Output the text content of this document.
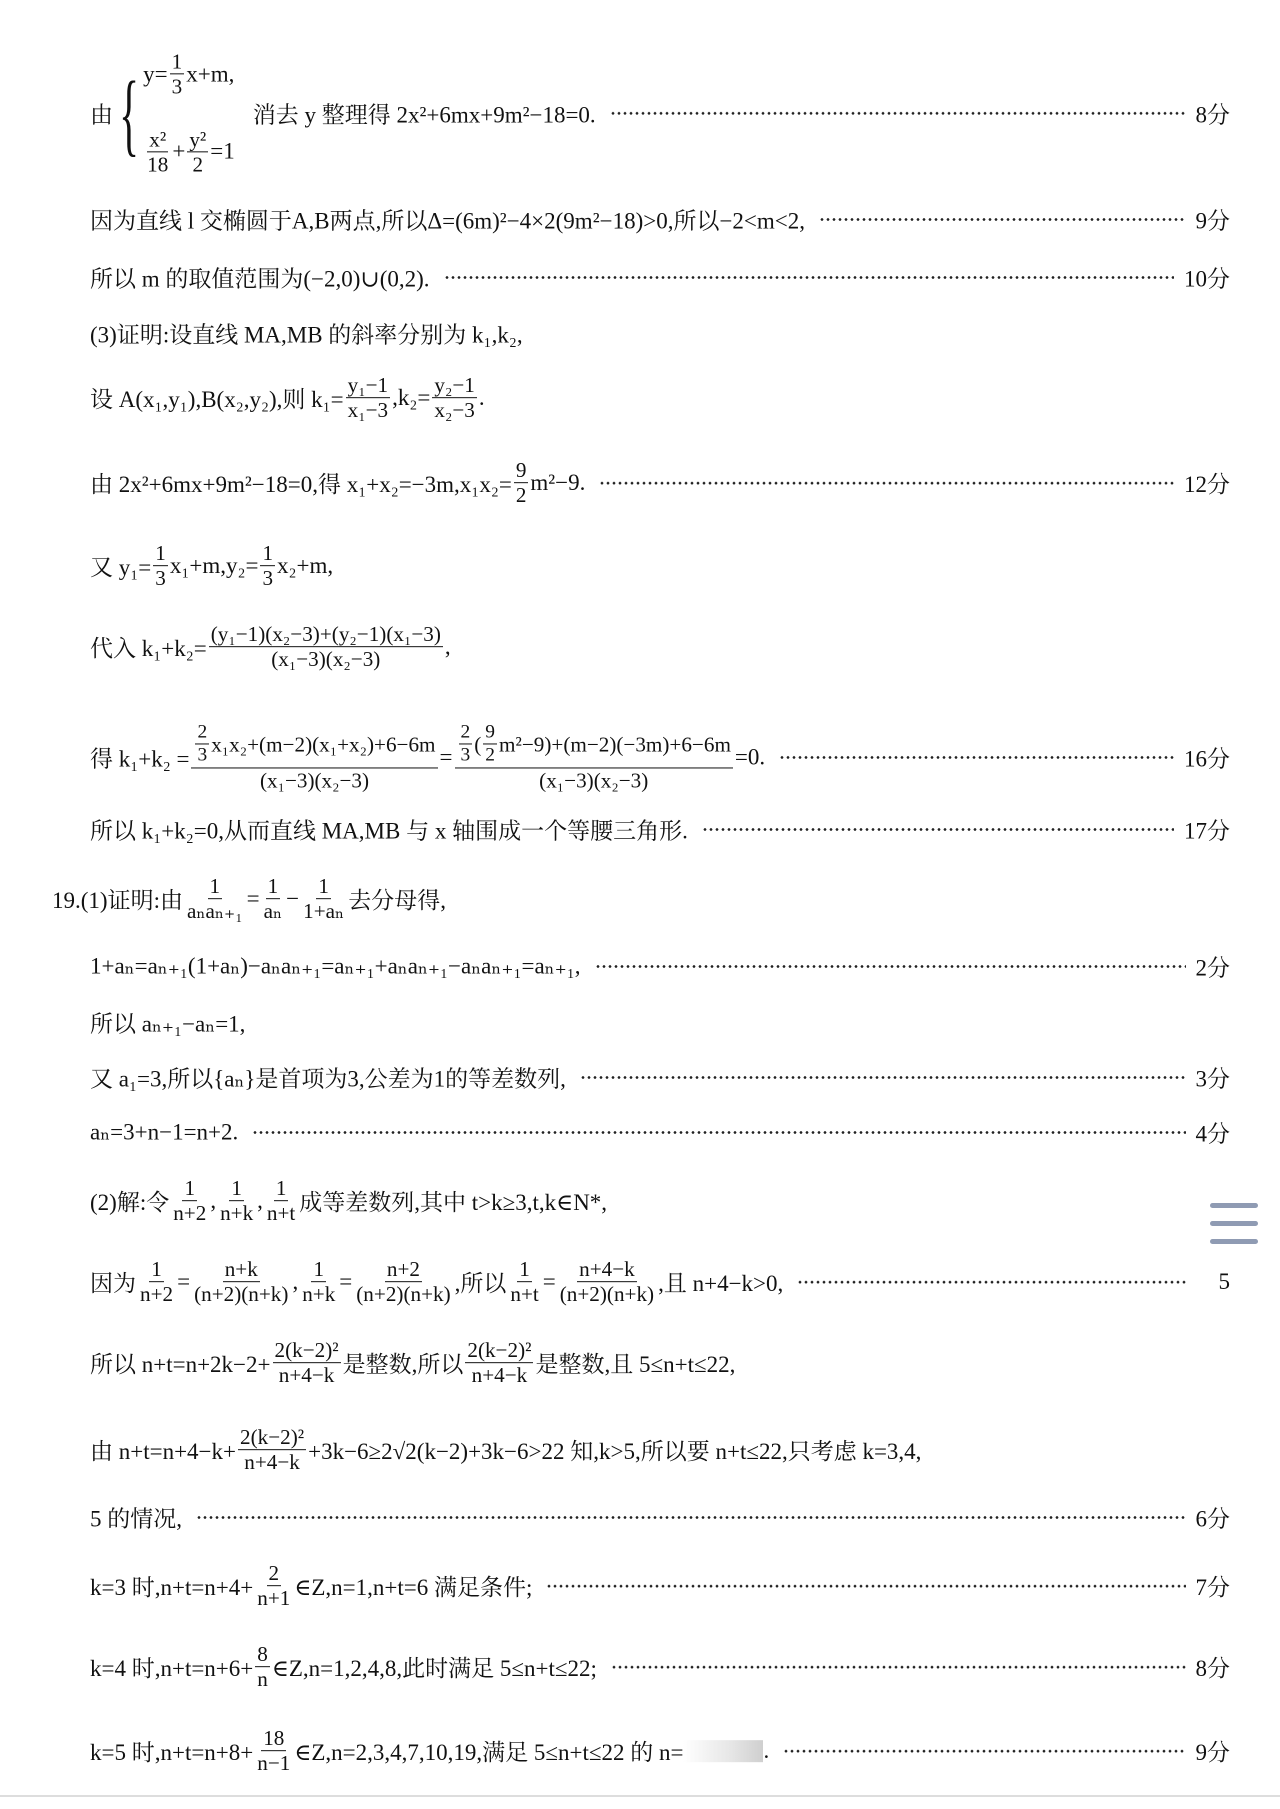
由 { $y= \frac{1}{3} x+m$,
$\frac{\text{x²}}{18} + \frac{\text{y²}}{2} =1$
消去 y 整理得 2x²+6mx+9m²−18=0.	8分
因为直线 l 交椭圆于A,B两点,所以Δ=(6m)²−4×2(9m²−18)>0,所以−2<m<2,	9分
所以 m 的取值范围为(−2,0)∪(0,2).	10分
(3)证明:设直线 MA,MB 的斜率分别为 k₁,k₂,
设 A(x₁,y₁),B(x₂,y₂),则 $k_1= \frac{\text{y₁−1}}{\text{x₁−3}} ,k_2= \frac{\text{y₂−1}}{\text{x₂−3}}$ .
由 2x²+6mx+9m²−18=0,得 $x_1+x_2=-3m,x_1x_2= \frac{9}{2} m^2-9$.	12分
又 $y_1= \frac{1}{3} x_1+m,y_2= \frac{1}{3} x_2+m$,
代入 $k_1+k_2= \frac{\text{(y₁−1)(x₂−3)+(y₂−1)(x₁−3)}}{\text{(x₁−3)(x₂−3)}}$ ,
得 $k_1+k_2 = \frac{\frac{2}{3} x_1x_2+(m-2)(x_1+x_2)+6-6m}{\text{(x₁−3)(x₂−3)}} = \frac{\frac{2}{3} ( \frac{9}{2} m^2-9)+(m-2)(-3m)+6-6m}{\text{(x₁−3)(x₂−3)}} =0$.	16分
所以 k₁+k₂=0,从而直线 MA,MB 与 x 轴围成一个等腰三角形.	17分
19.(1)证明:由 $\frac{1}{\text{aₙaₙ₊₁}} = \frac{1}{\text{aₙ}} - \frac{1}{\text{1+aₙ}}$ 去分母得,
1+aₙ=aₙ₊₁(1+aₙ)−aₙaₙ₊₁=aₙ₊₁+aₙaₙ₊₁−aₙaₙ₊₁=aₙ₊₁,	2分
所以 aₙ₊₁−aₙ=1,
又 a₁=3,所以{aₙ}是首项为3,公差为1的等差数列,	3分
aₙ=3+n−1=n+2.	4分
(2)解:令 $\frac{1}{n+2}$ , $\frac{1}{n+k}$ , $\frac{1}{n+t}$ 成等差数列,其中 t>k≥3,t,k∈N*,
因为 $\frac{1}{n+2} = \frac{n+k}{(n+2)(n+k)}$ , $\frac{1}{n+k} = \frac{n+2}{(n+2)(n+k)}$ ,所以 $\frac{1}{n+t} = \frac{n+4-k}{(n+2)(n+k)}$ ,且 n+4−k>0,	5
所以 $n+t=n+2k-2+ \frac{\text{2(k−2)²}}{n+4-k}$ 是整数,所以 $\frac{\text{2(k−2)²}}{n+4-k}$ 是整数,且 5≤n+t≤22,
由 $n+t=n+4-k+ \frac{\text{2(k−2)²}}{n+4-k} +3k-6\ge 2√2(k-2)+3k-6>22$ 知,k>5,所以要 n+t≤22,只考虑 k=3,4,
5 的情况,	6分
k=3 时$,n+t=n+4+ \frac{2}{n+1}$ ∈Z,n=1,n+t=6 满足条件;	7分
k=4 时$,n+t=n+6+ \frac{8}{n}$ ∈Z,n=1,2,4,8,此时满足 5≤n+t≤22;	8分
k=5 时$,n+t=n+8+ \frac{18}{n-1}$ ∈Z,n=2,3,4,7,10,19,满足 5≤n+t≤22 的 n=	.	9分
